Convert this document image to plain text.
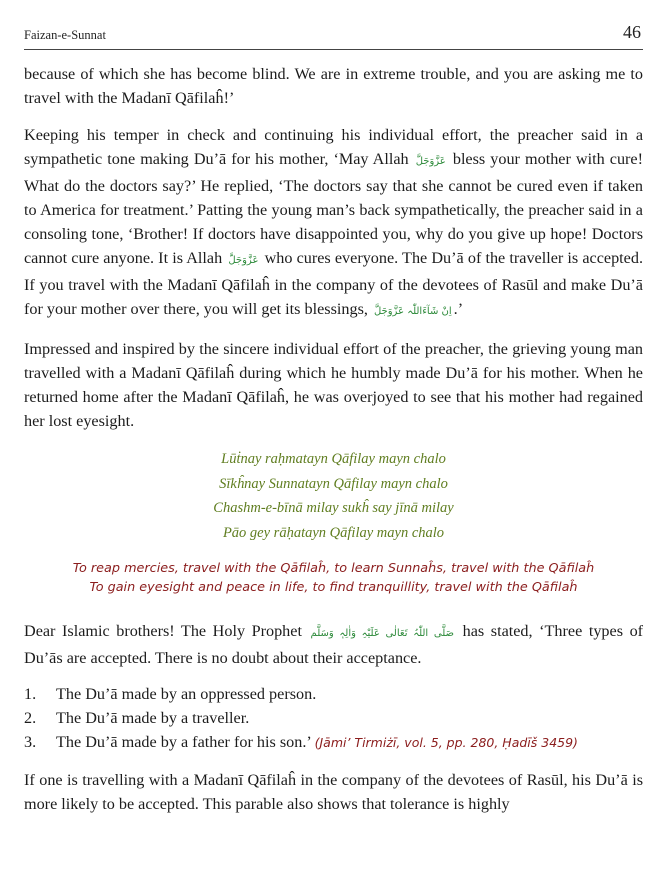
Faizan-e-Sunnat	46

because of which she has become blind. We are in extreme trouble, and you are asking me to travel with the Madanī Qāfilaĥ!’

Keeping his temper in check and continuing his individual effort, the preacher said in a sympathetic tone making Du’ā for his mother, ‘May Allah عَزَّوَجَلَّ bless your mother with cure! What do the doctors say?’ He replied, ‘The doctors say that she cannot be cured even if taken to America for treatment.’ Patting the young man’s back sympathetically, the preacher said in a consoling tone, ‘Brother! If doctors have disappointed you, why do you give up hope! Doctors cannot cure anyone. It is Allah عَزَّوَجَلَّ who cures everyone. The Du’ā of the traveller is accepted. If you travel with the Madanī Qāfilaĥ in the company of the devotees of Rasūl and make Du’ā for your mother over there, you will get its blessings, اِنْ شَآءَاللّٰہ عَزَّوَجَلَّ .’

Impressed and inspired by the sincere individual effort of the preacher, the grieving young man travelled with a Madanī Qāfilaĥ during which he humbly made Du’ā for his mother. When he returned home after the Madanī Qāfilaĥ, he was overjoyed to see that his mother had regained her lost eyesight.

Lūṫnay raḥmatayn Qāfilay mayn chalo
Sīkĥnay Sunnatayn Qāfilay mayn chalo
Chashm-e-bīnā milay sukĥ say jīnā milay
Pāo gey rāḥatayn Qāfilay mayn chalo
To reap mercies, travel with the Qāfilaĥ, to learn Sunnaĥs, travel with the Qāfilaĥ
To gain eyesight and peace in life, to find tranquillity, travel with the Qāfilaĥ

Dear Islamic brothers! The Holy Prophet صَلَّی اللّٰہُ تَعَالٰی عَلَیْہِ وَاٰلِہٖ وَسَلَّم has stated, ‘Three types of Du’ās are accepted. There is no doubt about their acceptance.

1.	The Du’ā made by an oppressed person.
2.	The Du’ā made by a traveller.
3.	The Du’ā made by a father for his son.’ (Jāmi’ Tirmiżī, vol. 5, pp. 280, Ḥadīš 3459)

If one is travelling with a Madanī Qāfilaĥ in the company of the devotees of Rasūl, his Du’ā is more likely to be accepted. This parable also shows that tolerance is highly
